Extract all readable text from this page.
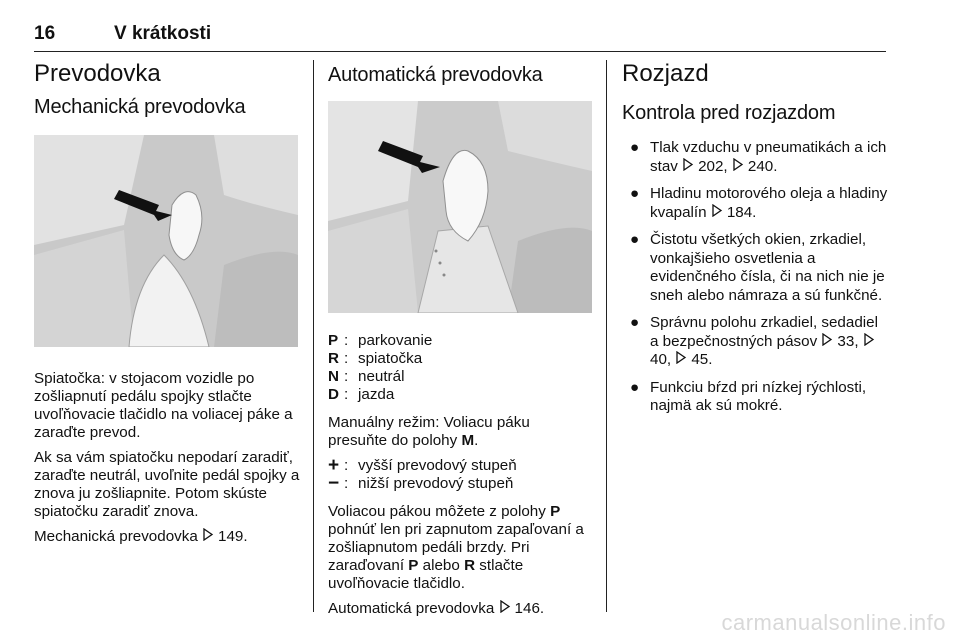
16	V krátkosti
Prevodovka
Mechanická prevodovka

Spiatočka: v stojacom vozidle po zošliapnutí pedálu spojky stlačte uvoľňovacie tlačidlo na voliacej páke a zaraďte prevod.

Ak sa vám spiatočku nepodarí zaradiť, zaraďte neutrál, uvoľnite pedál spojky a znova ju zošliapnite. Potom skúste spiatočku zaradiť znova.

Mechanická prevodovka 149.

Automatická prevodovka
P : parkovanie
R : spiatočka
N : neutrál
D : jazda

Manuálny režim: Voliacu páku presuňte do polohy M.

+ : vyšší prevodový stupeň
− : nižší prevodový stupeň

Voliacou pákou môžete z polohy P pohnúť len pri zapnutom zapaľovaní a zošliapnutom pedáli brzdy. Pri zaraďovaní P alebo R stlačte uvoľňovacie tlačidlo.

Automatická prevodovka 146.

Rozjazd
Kontrola pred rozjazdom
● Tlak vzduchu v pneumatikách a ich stav 202, 240.
● Hladinu motorového oleja a hladiny kvapalín 184.
● Čistotu všetkých okien, zrkadiel, vonkajšieho osvetlenia a evidenčného čísla, či na nich nie je sneh alebo námraza a sú funkčné.
● Správnu polohu zrkadiel, sedadiel a bezpečnostných pásov 33, 40, 45.
● Funkciu bŕzd pri nízkej rýchlosti, najmä ak sú mokré.
carmanualsonline.info
